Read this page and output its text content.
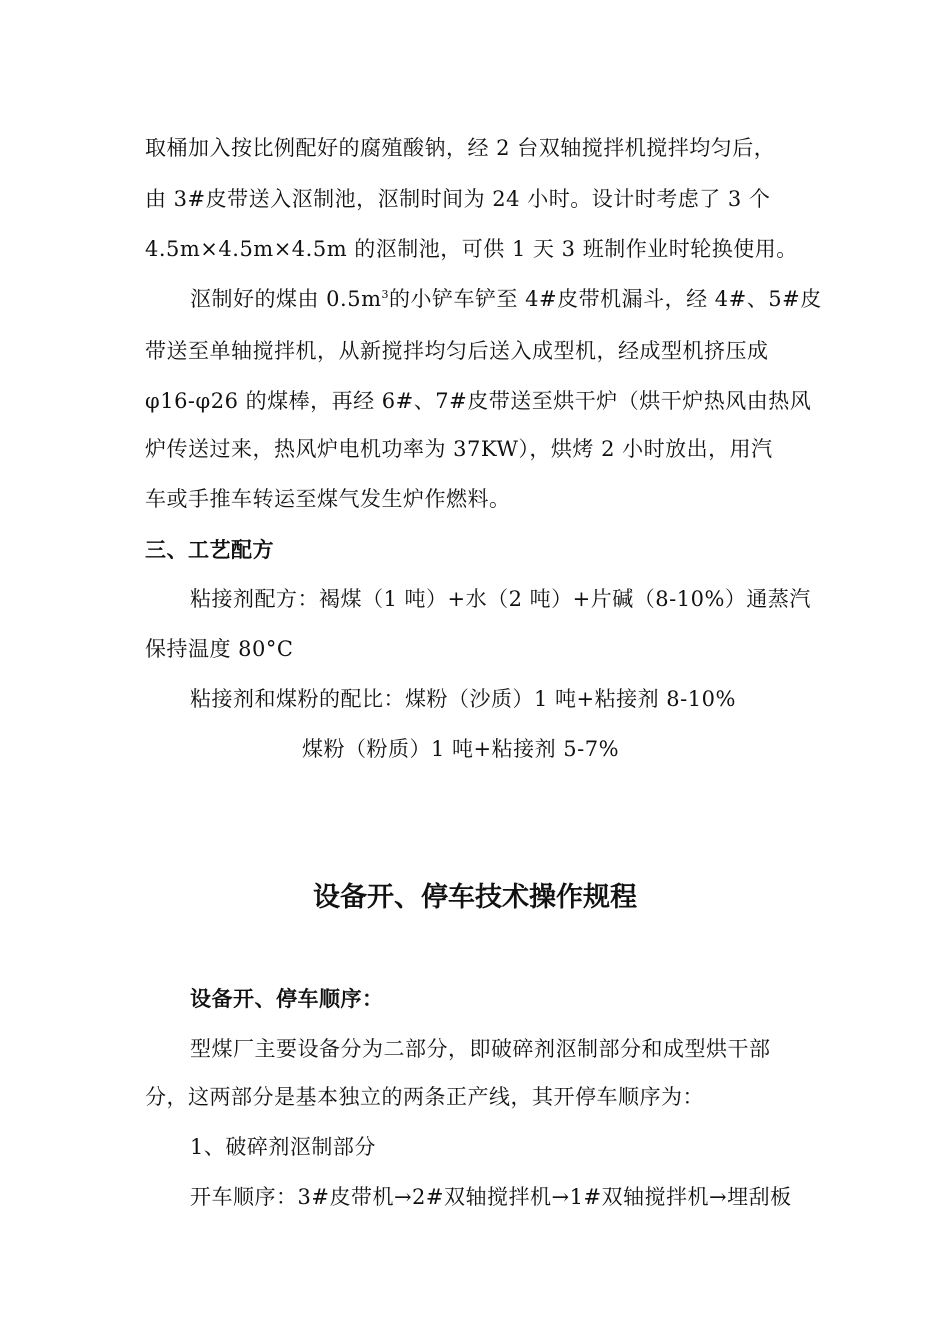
取桶加入按比例配好的腐殖酸钠，经 2 台双轴搅拌机搅拌均匀后，
由 3#皮带送入沤制池，沤制时间为 24 小时。设计时考虑了 3 个
4.5m×4.5m×4.5m 的沤制池，可供 1 天 3 班制作业时轮换使用。
沤制好的煤由 $0.5m^3$的小铲车铲至 4#皮带机漏斗，经 4#、5#皮
带送至单轴搅拌机，从新搅拌均匀后送入成型机，经成型机挤压成
φ16-φ26 的煤棒，再经 6#、7#皮带送至烘干炉（烘干炉热风由热风
炉传送过来，热风炉电机功率为 37KW），烘烤 2 小时放出，用汽
车或手推车转运至煤气发生炉作燃料。
三、工艺配方
粘接剂配方：褐煤（1 吨）+水（2 吨）+片碱（8-10%）通蒸汽
保持温度 80°C
粘接剂和煤粉的配比：煤粉（沙质）1 吨+粘接剂 8-10%
煤粉（粉质）1 吨+粘接剂 5-7%
设备开、停车技术操作规程
设备开、停车顺序：
型煤厂主要设备分为二部分，即破碎剂沤制部分和成型烘干部
分，这两部分是基本独立的两条正产线，其开停车顺序为：
1、破碎剂沤制部分
开车顺序：3#皮带机→2#双轴搅拌机→1#双轴搅拌机→埋刮板
